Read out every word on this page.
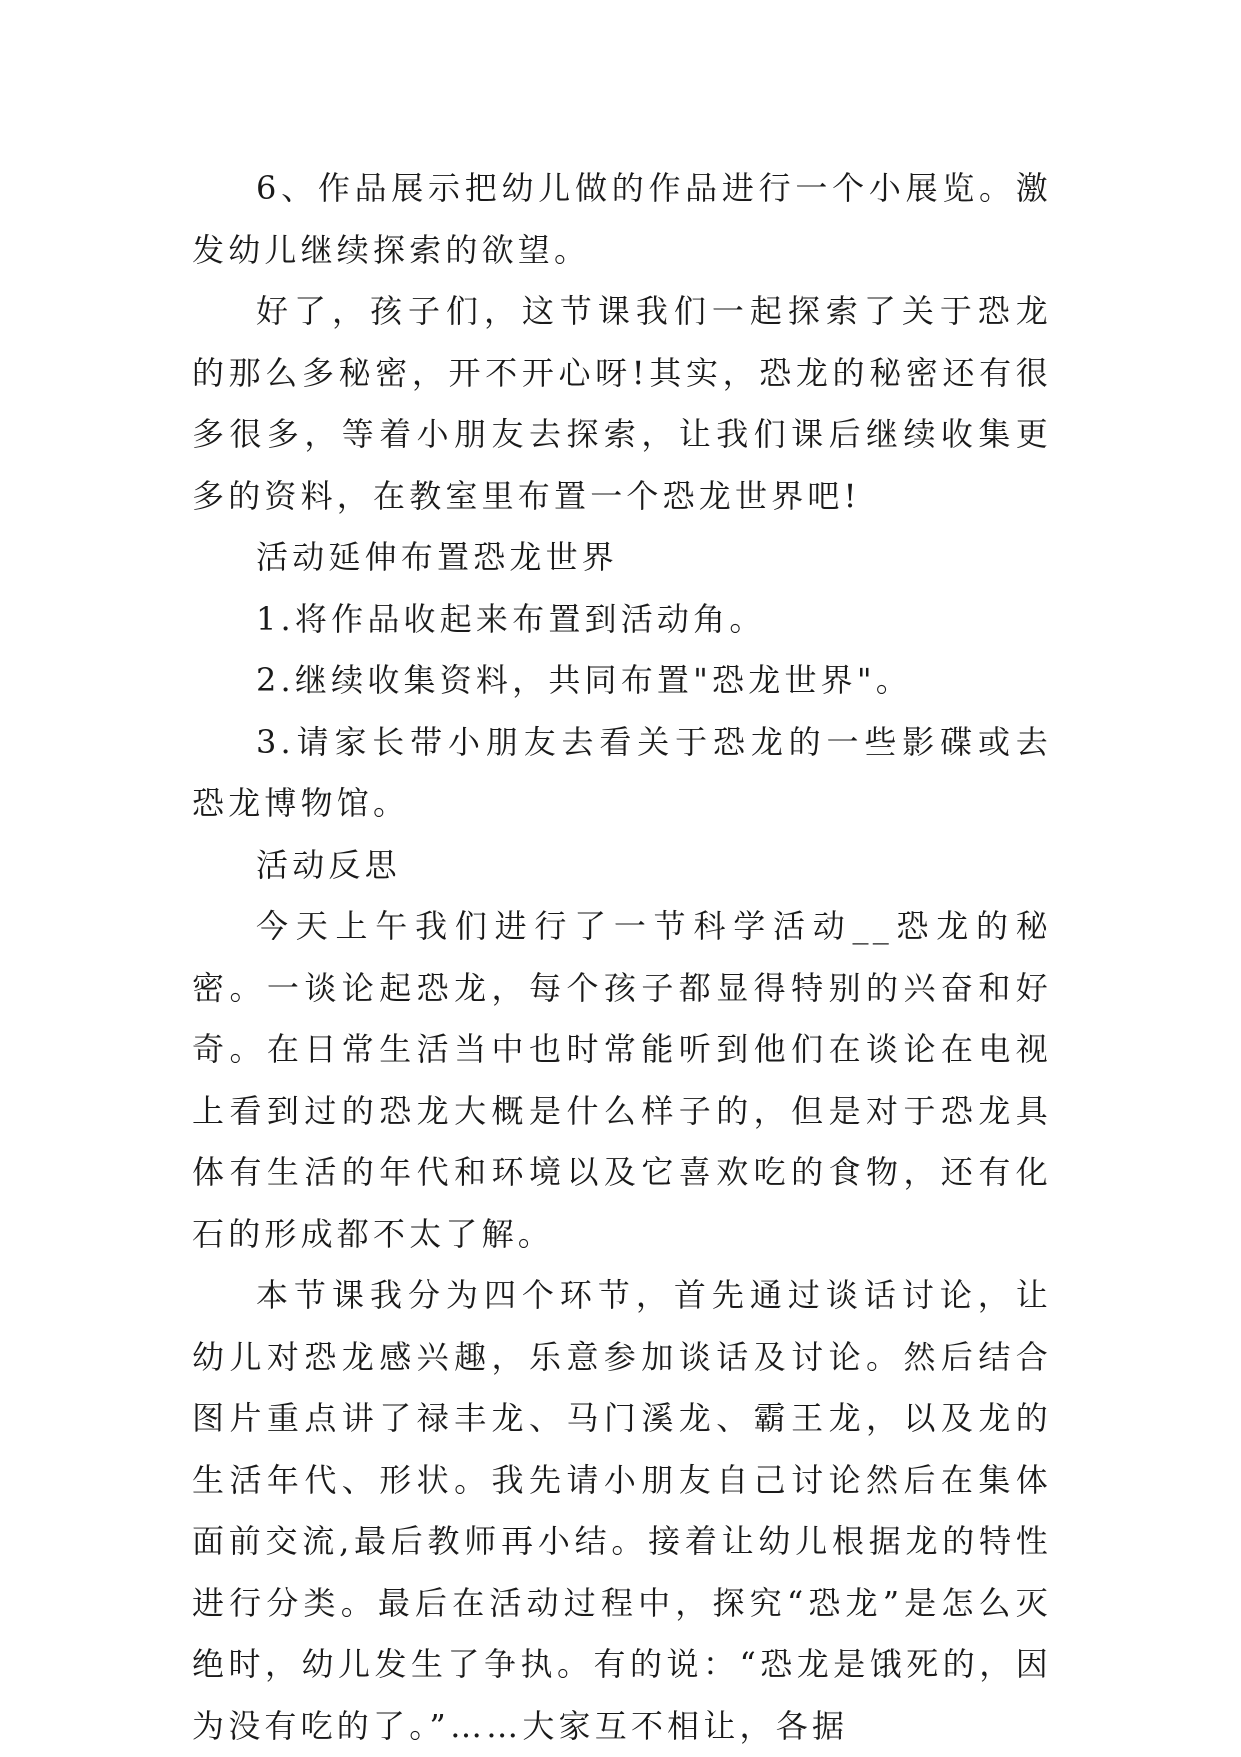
6、作品展示把幼儿做的作品进行一个小展览。激发幼儿继续探索的欲望。

好了，孩子们，这节课我们一起探索了关于恐龙的那么多秘密，开不开心呀!其实，恐龙的秘密还有很多很多，等着小朋友去探索，让我们课后继续收集更多的资料，在教室里布置一个恐龙世界吧!

活动延伸布置恐龙世界

1.将作品收起来布置到活动角。

2.继续收集资料，共同布置"恐龙世界"。

3.请家长带小朋友去看关于恐龙的一些影碟或去恐龙博物馆。

活动反思

今天上午我们进行了一节科学活动__恐龙的秘密。一谈论起恐龙，每个孩子都显得特别的兴奋和好奇。在日常生活当中也时常能听到他们在谈论在电视上看到过的恐龙大概是什么样子的，但是对于恐龙具体有生活的年代和环境以及它喜欢吃的食物，还有化石的形成都不太了解。

本节课我分为四个环节，首先通过谈话讨论，让幼儿对恐龙感兴趣，乐意参加谈话及讨论。然后结合图片重点讲了禄丰龙、马门溪龙、霸王龙，以及龙的生活年代、形状。我先请小朋友自己讨论然后在集体面前交流,最后教师再小结。接着让幼儿根据龙的特性进行分类。最后在活动过程中，探究“恐龙”是怎么灭绝时，幼儿发生了争执。有的说：“恐龙是饿死的，因为没有吃的了。”……大家互不相让，各据
